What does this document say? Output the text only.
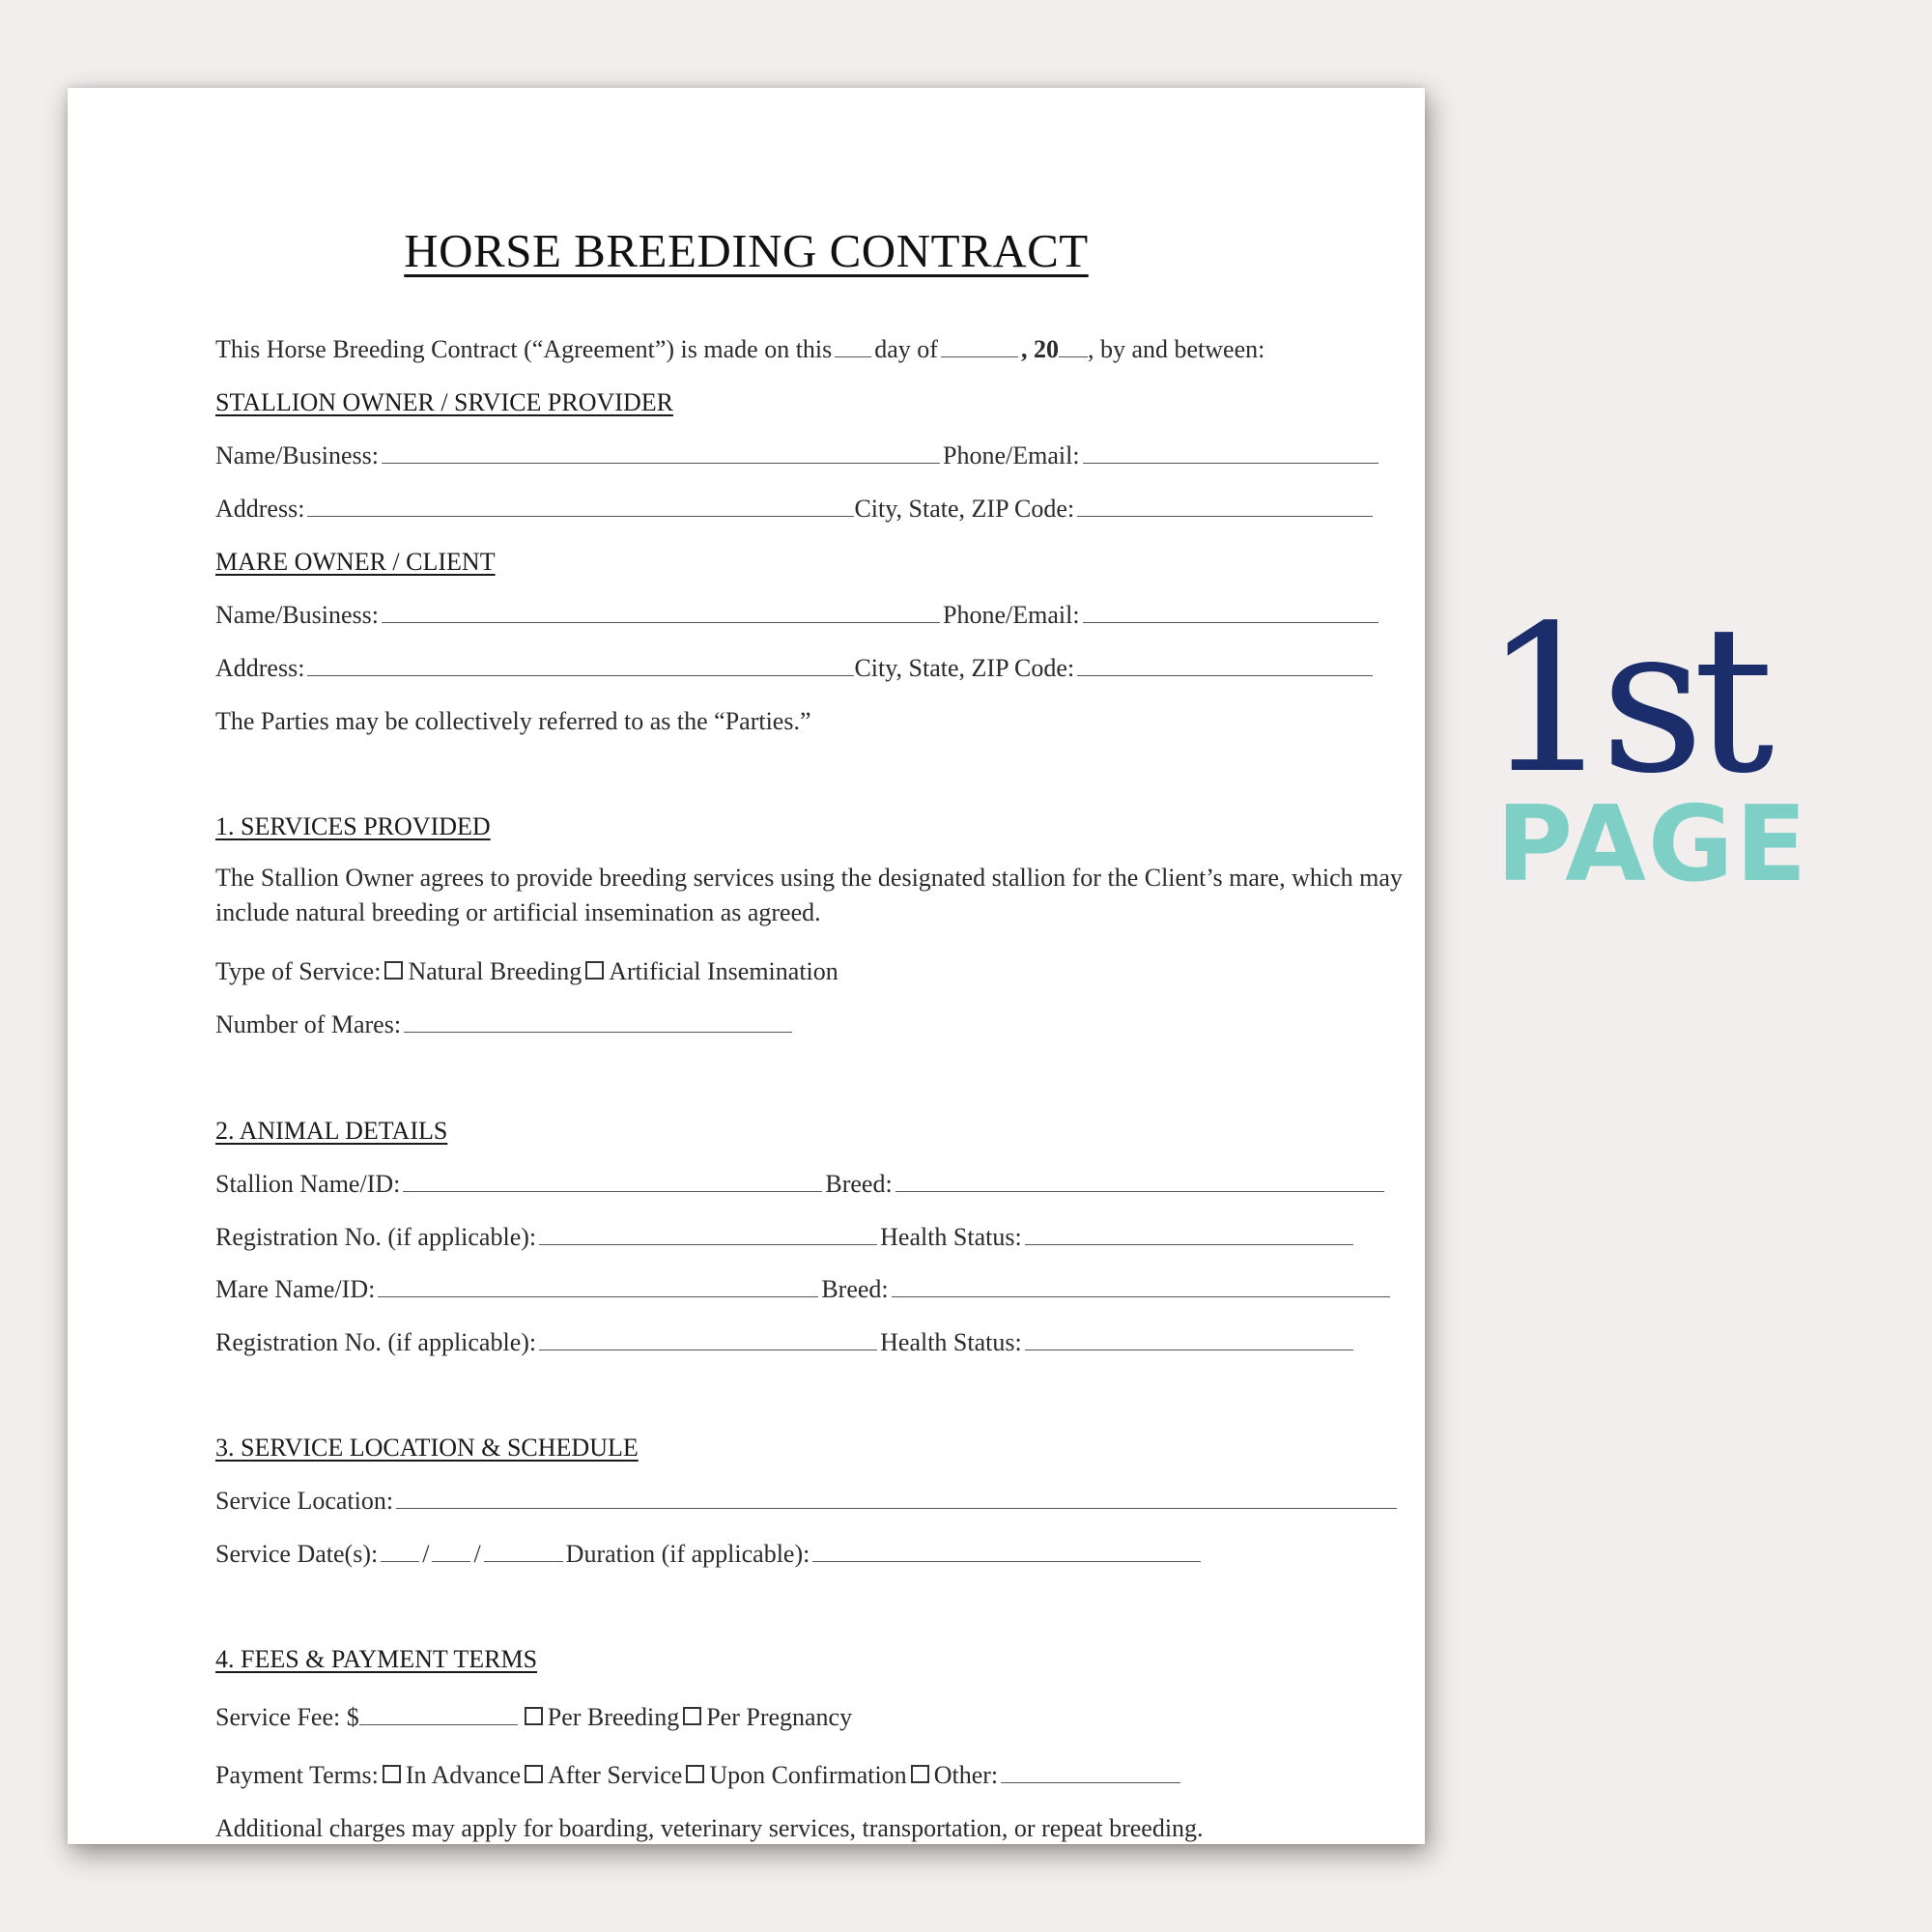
HORSE BREEDING CONTRACT
This Horse Breeding Contract (“Agreement”) is made on this day of	, 20 , by and between:
STALLION OWNER / SRVICE PROVIDER
Name/Business:	Phone/Email:
Address:	City, State, ZIP Code:
MARE OWNER / CLIENT
Name/Business:	Phone/Email:
Address:	City, State, ZIP Code:
The Parties may be collectively referred to as the “Parties.”
1. SERVICES PROVIDED
The Stallion Owner agrees to provide breeding services using the designated stallion for the Client’s mare, which may include natural breeding or artificial insemination as agreed.
Type of Service: Natural Breeding Artificial Insemination
Number of Mares:
2. ANIMAL DETAILS
Stallion Name/ID:	Breed:
Registration No. (if applicable):	Health Status:
Mare Name/ID:	Breed:
Registration No. (if applicable):	Health Status:
3. SERVICE LOCATION & SCHEDULE
Service Location:
Service Date(s): / /	Duration (if applicable):
4. FEES & PAYMENT TERMS
Service Fee: $	Per Breeding Per Pregnancy
Payment Terms: In Advance After Service Upon Confirmation Other:
Additional charges may apply for boarding, veterinary services, transportation, or repeat breeding.
1st
PAGE
